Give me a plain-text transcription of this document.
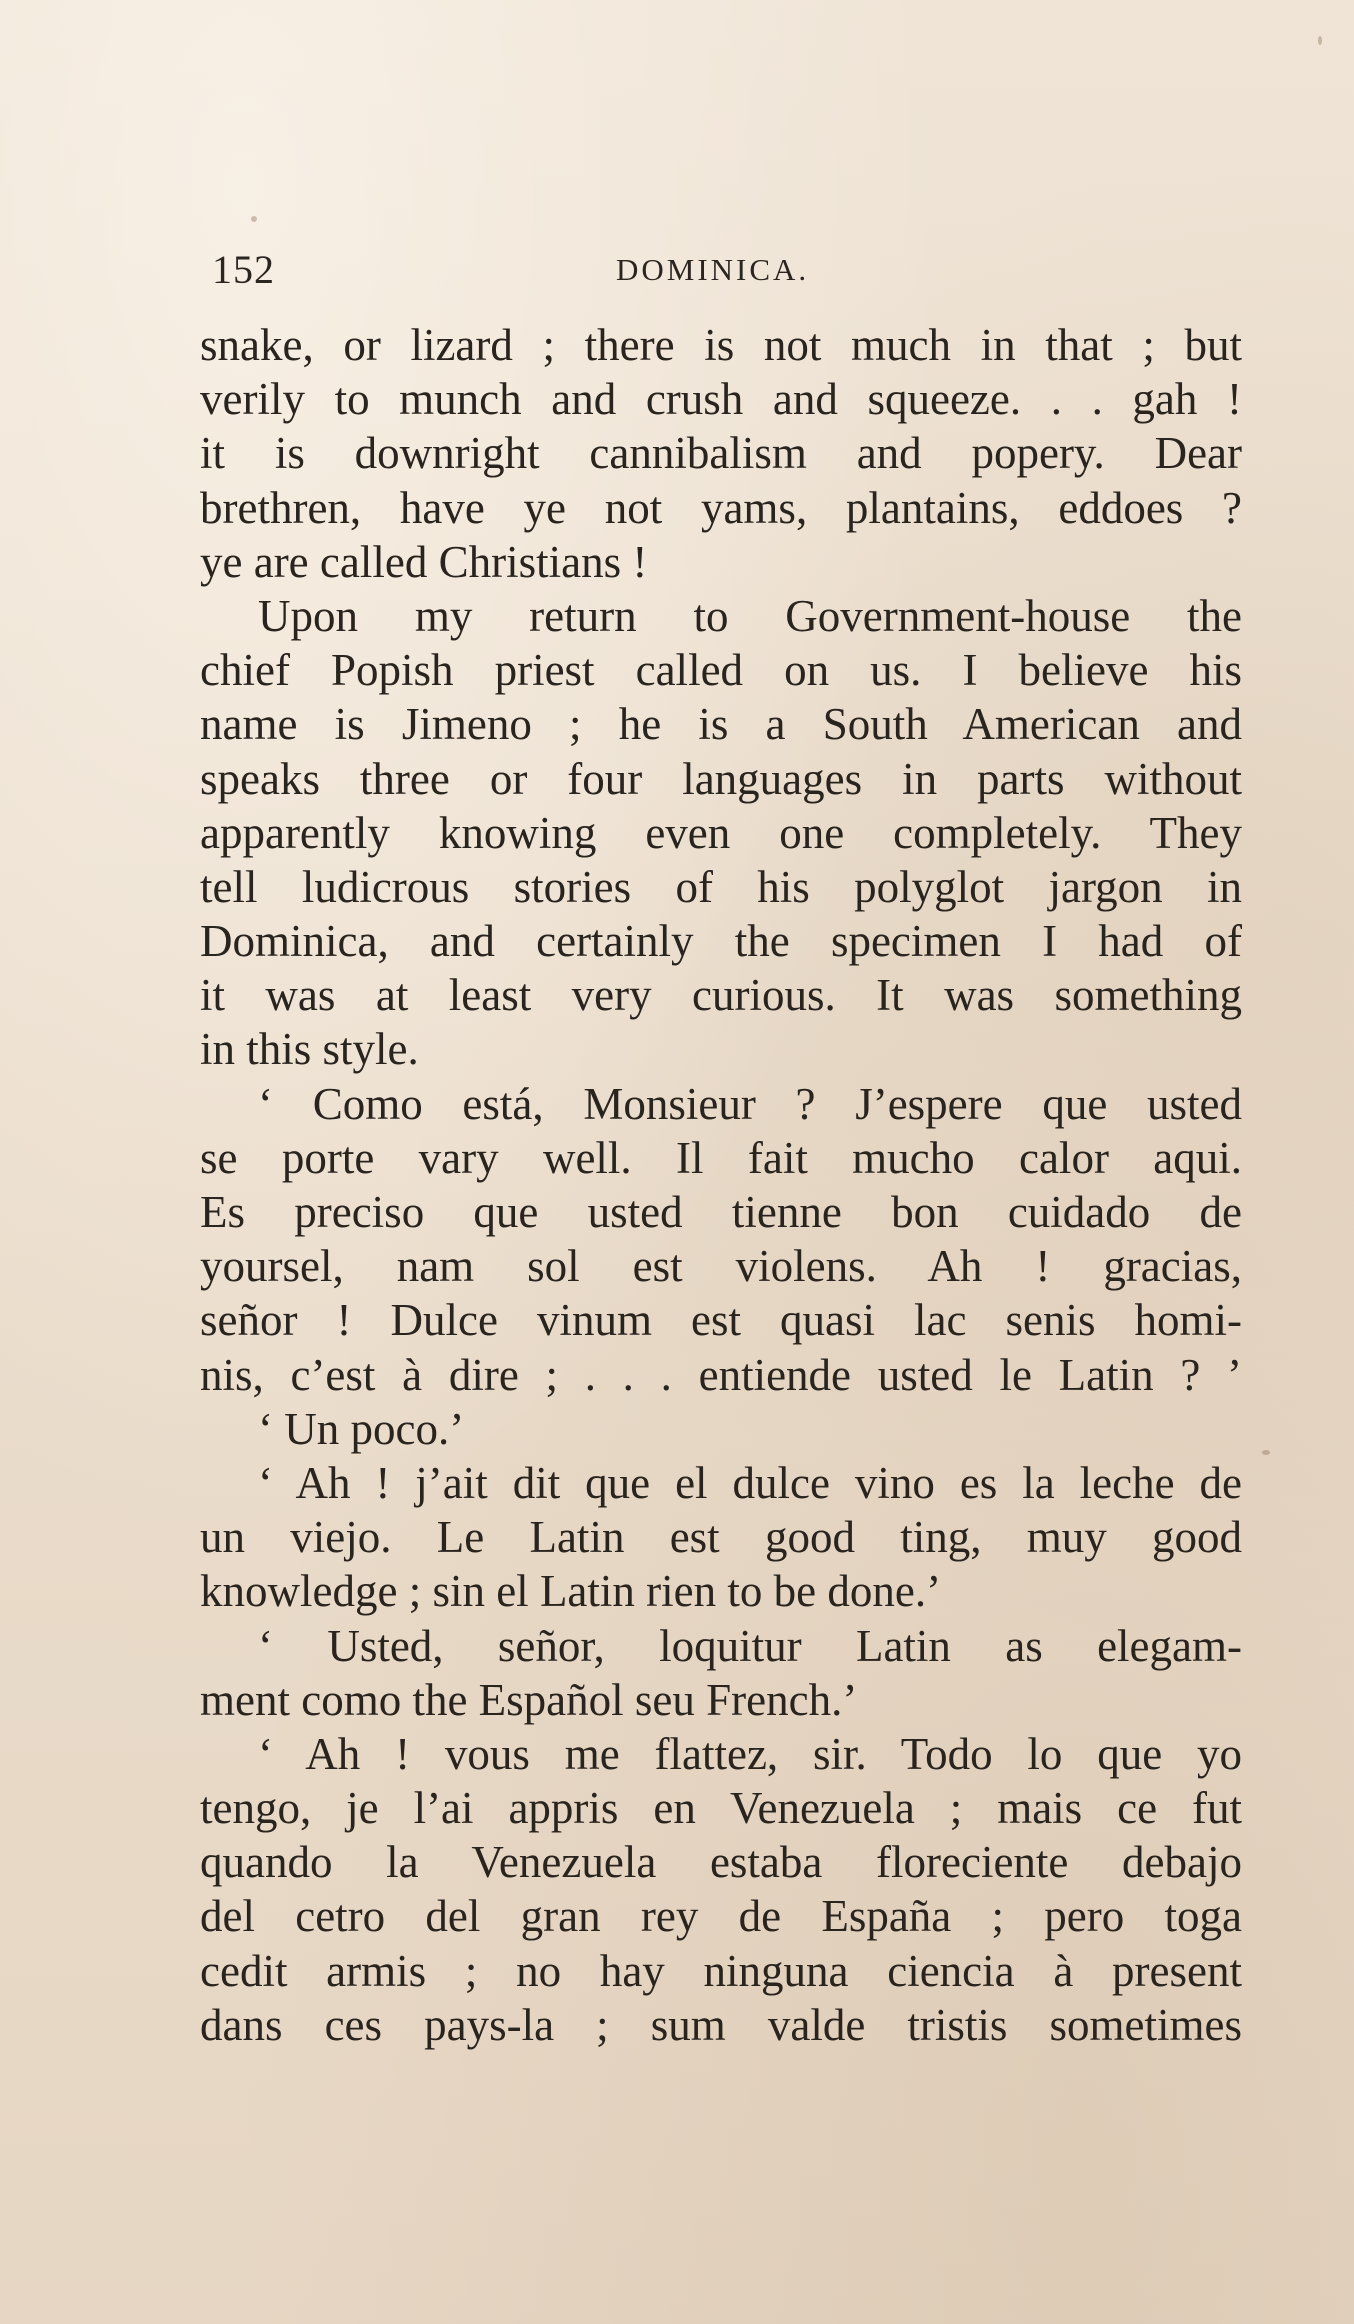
152	DOMINICA.
snake, or lizard ; there is not much in that ; but
verily to munch and crush and squeeze. . . gah !
it is downright cannibalism and popery. Dear
brethren, have ye not yams, plantains, eddoes ?
ye are called Christians !
Upon my return to Government-house the
chief Popish priest called on us. I believe his
name is Jimeno ; he is a South American and
speaks three or four languages in parts without
apparently knowing even one completely. They
tell ludicrous stories of his polyglot jargon in
Dominica, and certainly the specimen I had of
it was at least very curious. It was something
in this style.
‘ Como está, Monsieur ? J’espere que usted
se porte vary well. Il fait mucho calor aqui.
Es preciso que usted tienne bon cuidado de
yoursel, nam sol est violens. Ah ! gracias,
señor ! Dulce vinum est quasi lac senis homi-
nis, c’est à dire ; . . . entiende usted le Latin ? ’
‘ Un poco.’
‘ Ah ! j’ait dit que el dulce vino es la leche de
un viejo. Le Latin est good ting, muy good
knowledge ; sin el Latin rien to be done.’
‘ Usted, señor, loquitur Latin as elegam-
ment como the Español seu French.’
‘ Ah ! vous me flattez, sir. Todo lo que yo
tengo, je l’ai appris en Venezuela ; mais ce fut
quando la Venezuela estaba floreciente debajo
del cetro del gran rey de España ; pero toga
cedit armis ; no hay ninguna ciencia à present
dans ces pays-la ; sum valde tristis sometimes
